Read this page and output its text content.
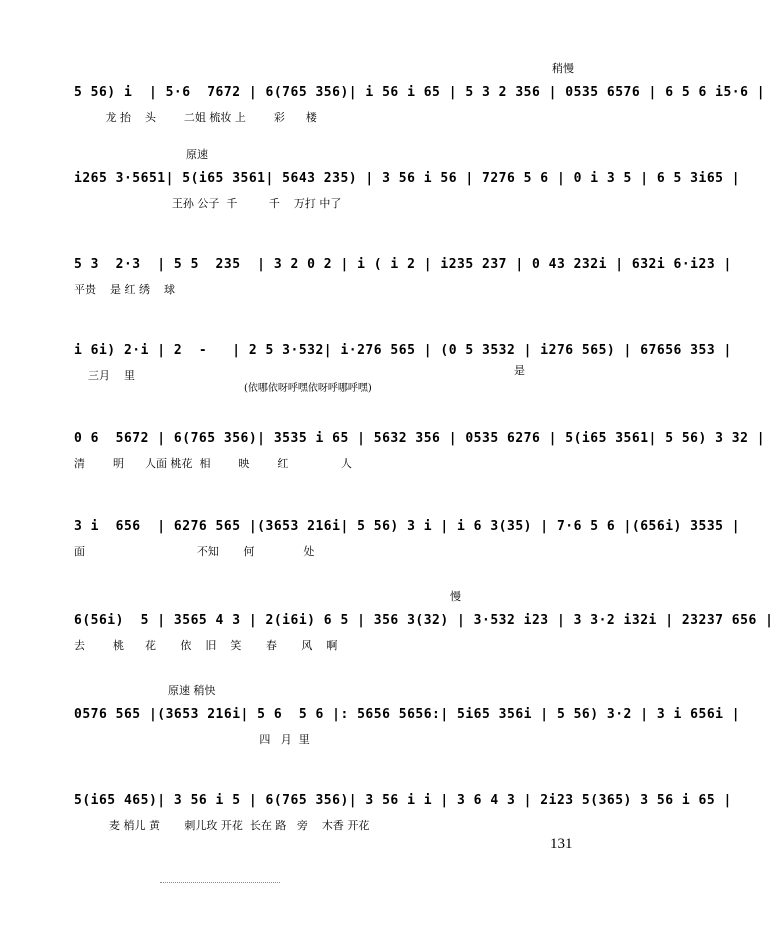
稍慢
5 56) i  | 5·6  7672 | 6(765 356)| i 56 i 65 | 5 3 2 356 | 0535 6576 | 6 5 6 i5·6 |
龙 抬    头        二姐 梳妆 上        彩      楼
原速
i265 3·5651| 5(i65 3561| 5643 235) | 3 56 i 56 | 7276 5 6 | 0 i 3 5 | 6 5 3i65 |
王孙 公子  千         千    万打 中了
5 3  2·3  | 5 5  235  | 3 2 0 2 | i ( i 2 | i235 237 | 0 43 232i | 632i 6·i23 |
平贵    是 红 绣    球
i 6i) 2·i | 2  -   | 2 5 3·532| i·276 565 | (0 5 3532 | i276 565) | 67656 353 |
三月    里
(依哪依呀呼嘿依呀呼哪呼嘿)
是
0 6  5672 | 6(765 356)| 3535 i 65 | 5632 356 | 0535 6276 | 5(i65 3561| 5 56) 3 32 |
清        明      人面 桃花  相        映        红               人
3 i  656  | 6276 565 |(3653 216i| 5 56) 3 i | i 6 3(35) | 7·6 5 6 |(656i) 3535 |
面                                不知       何              处
慢
6(56i)  5 | 3565 4 3 | 2(i6i) 6 5 | 356 3(32) | 3·532 i23 | 3 3·2 i32i | 23237 656 |
去        桃      花       依    旧    笑       春       风    啊
原速 稍快
0576 565 |(3653 216i| 5 6  5 6 |: 5656 5656:| 5i65 356i | 5 56) 3·2 | 3 i 656i |
四   月  里
5(i65 465)| 3 56 i 5 | 6(765 356)| 3 56 i i | 3 6 4 3 | 2i23 5(365) 3 56 i 65 |
麦 梢儿 黄       刺儿玫 开花  长在 路   旁    木香 开花
131
